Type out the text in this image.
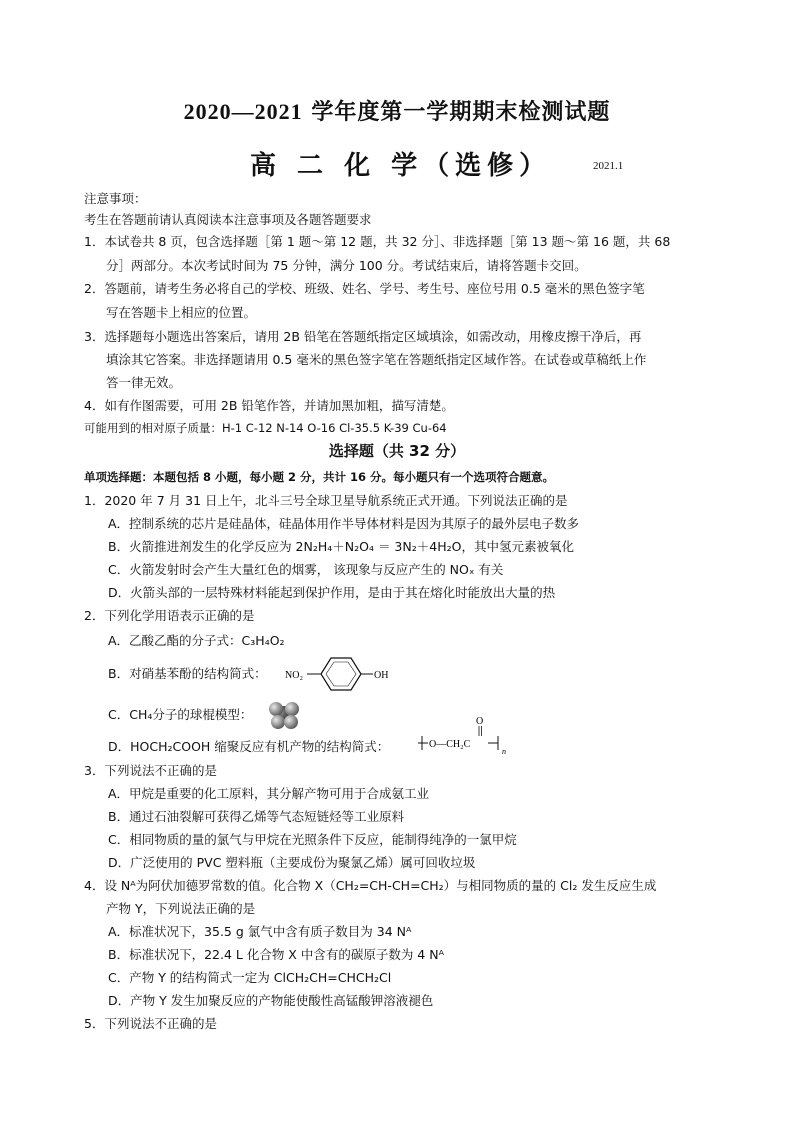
2020—2021 学年度第一学期期末检测试题
高 二 化 学（选修）	2021.1
注意事项：
考生在答题前请认真阅读本注意事项及各题答题要求
1．本试卷共 8 页，包含选择题［第 1 题～第 12 题，共 32 分］、非选择题［第 13 题～第 16 题，共 68
分］两部分。本次考试时间为 75 分钟，满分 100 分。考试结束后，请将答题卡交回。
2．答题前，请考生务必将自己的学校、班级、姓名、学号、考生号、座位号用 0.5 毫米的黑色签字笔
写在答题卡上相应的位置。
3．选择题每小题选出答案后，请用 2B 铅笔在答题纸指定区域填涂，如需改动，用橡皮擦干净后，再
填涂其它答案。非选择题请用 0.5 毫米的黑色签字笔在答题纸指定区域作答。在试卷或草稿纸上作
答一律无效。
4．如有作图需要，可用 2B 铅笔作答，并请加黑加粗，描写清楚。
可能用到的相对原子质量：H-1 C-12 N-14 O-16 Cl-35.5 K-39 Cu-64
选择题（共 32 分）
单项选择题：本题包括 8 小题，每小题 2 分，共计 16 分。每小题只有一个选项符合题意。
1．2020 年 7 月 31 日上午，北斗三号全球卫星导航系统正式开通。下列说法正确的是
A．控制系统的芯片是硅晶体，硅晶体用作半导体材料是因为其原子的最外层电子数多
B．火箭推进剂发生的化学反应为 2N₂H₄＋N₂O₄ ＝ 3N₂＋4H₂O，其中氢元素被氧化
C．火箭发射时会产生大量红色的烟雾， 该现象与反应产生的 NOₓ 有关
D．火箭头部的一层特殊材料能起到保护作用，是由于其在熔化时能放出大量的热
2．下列化学用语表示正确的是
A．乙酸乙酯的分子式：C₃H₄O₂
B．对硝基苯酚的结构简式： NO₂	OH
C．CH₄分子的球棍模型：
D．HOCH₂COOH 缩聚反应有机产物的结构简式：
O
O—CH₂C
n
3．下列说法不正确的是
A．甲烷是重要的化工原料，其分解产物可用于合成氨工业
B．通过石油裂解可获得乙烯等气态短链烃等工业原料
C．相同物质的量的氯气与甲烷在光照条件下反应，能制得纯净的一氯甲烷
D．广泛使用的 PVC 塑料瓶（主要成份为聚氯乙烯）属可回收垃圾
4．设 Nᴬ为阿伏加德罗常数的值。化合物 X（CH₂=CH-CH=CH₂）与相同物质的量的 Cl₂ 发生反应生成
产物 Y，下列说法正确的是
A．标准状况下，35.5 g 氯气中含有质子数目为 34 Nᴬ
B．标准状况下，22.4 L 化合物 X 中含有的碳原子数为 4 Nᴬ
C．产物 Y 的结构简式一定为 ClCH₂CH=CHCH₂Cl
D．产物 Y 发生加聚反应的产物能使酸性高锰酸钾溶液褪色
5．下列说法不正确的是
